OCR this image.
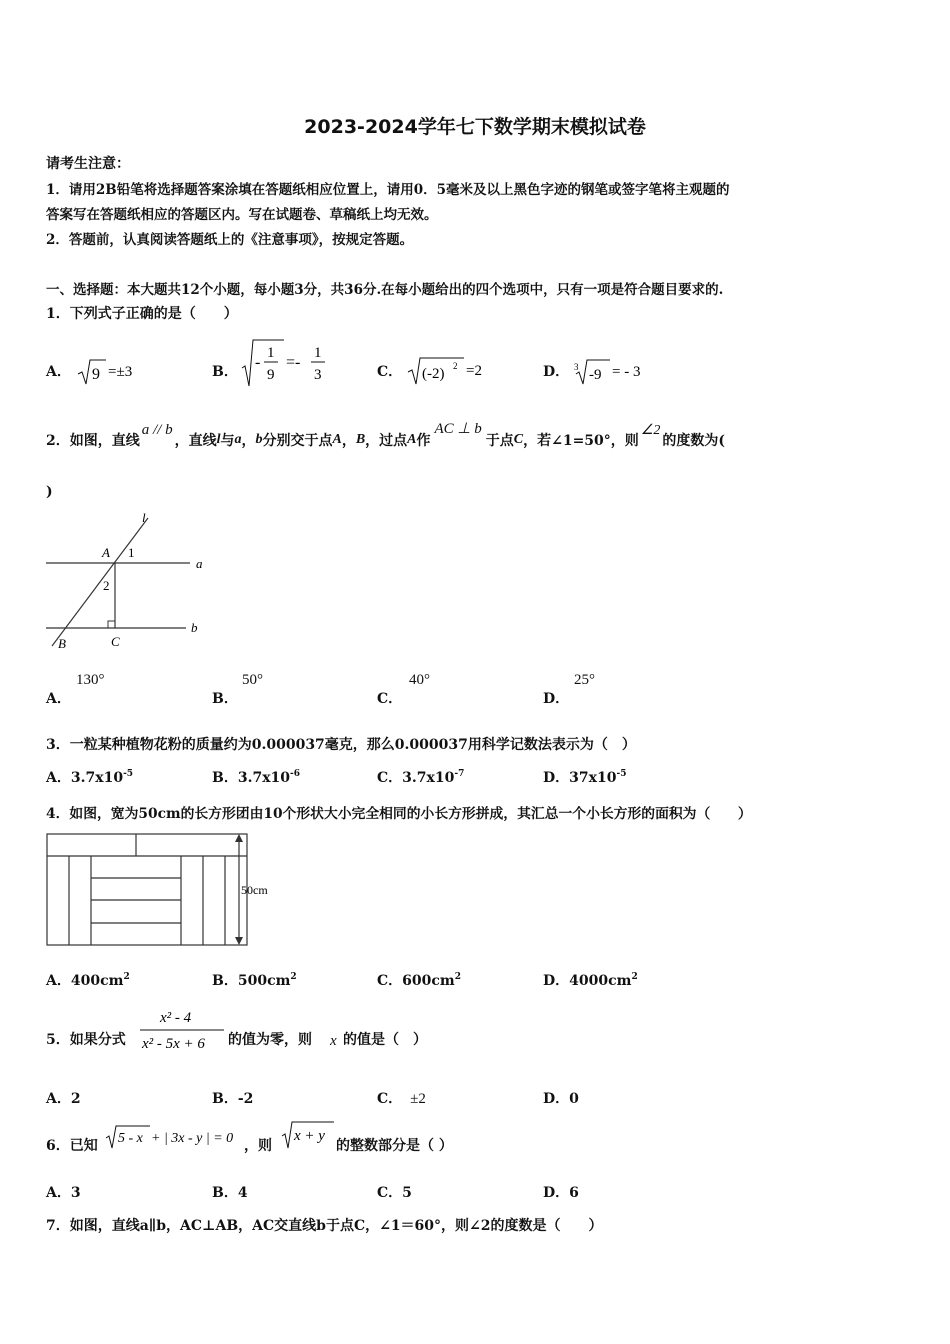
2023-2024学年七下数学期末模拟试卷
请考生注意：
1．请用2B铅笔将选择题答案涂填在答题纸相应位置上，请用0．5毫米及以上黑色字迹的钢笔或签字笔将主观题的
答案写在答题纸相应的答题区内。写在试题卷、草稿纸上均无效。
2．答题前，认真阅读答题纸上的《注意事项》，按规定答题。
一、选择题：本大题共12个小题，每小题3分，共36分.在每小题给出的四个选项中，只有一项是符合题目要求的.
1．下列式子正确的是（　　）
A． 9 =±3	B．
-
1
9
=-
1
3	C． (-2) 2 =2	D． 3 -9 = - 3
2．如图，直线
a // b
，直线 l 与 a ， b 分别交于点 A ， B ，过点 A 作
AC ⊥ b
于点 C ，若∠1=50°，则
∠2
的度数为(
)
l
a
b
A
B	C
1
2
A．
130°
B．
50°
C．
40°
D．
25°
3．一粒某种植物花粉的质量约为0.000037毫克，那么0.000037用科学记数法表示为（　）
A．$3.7x10^{-5}$	B．$3.7x10^{-6}$	C．$3.7x10^{-7}$	D．$37x10^{-5}$
4．如图，宽为50cm的长方形团由10个形状大小完全相同的小长方形拼成，其汇总一个小长方形的面积为（　　）
50cm
A．$400cm^2$	B．$500cm^2$	C．$600cm^2$	D．$4000cm^2$
5．如果分式
x² - 4
x² - 5x + 6 的值为零，则 x 的值是（　）
A．2	B．-2	C． ±2	D．0
6．已知 5 - x + | 3x - y | = 0 ，则
x + y
的整数部分是（ ）
A．3	B．4	C．5	D．6
7．如图，直线a∥b，AC⊥AB，AC交直线b于点C，∠1＝60°，则∠2的度数是（　　）
